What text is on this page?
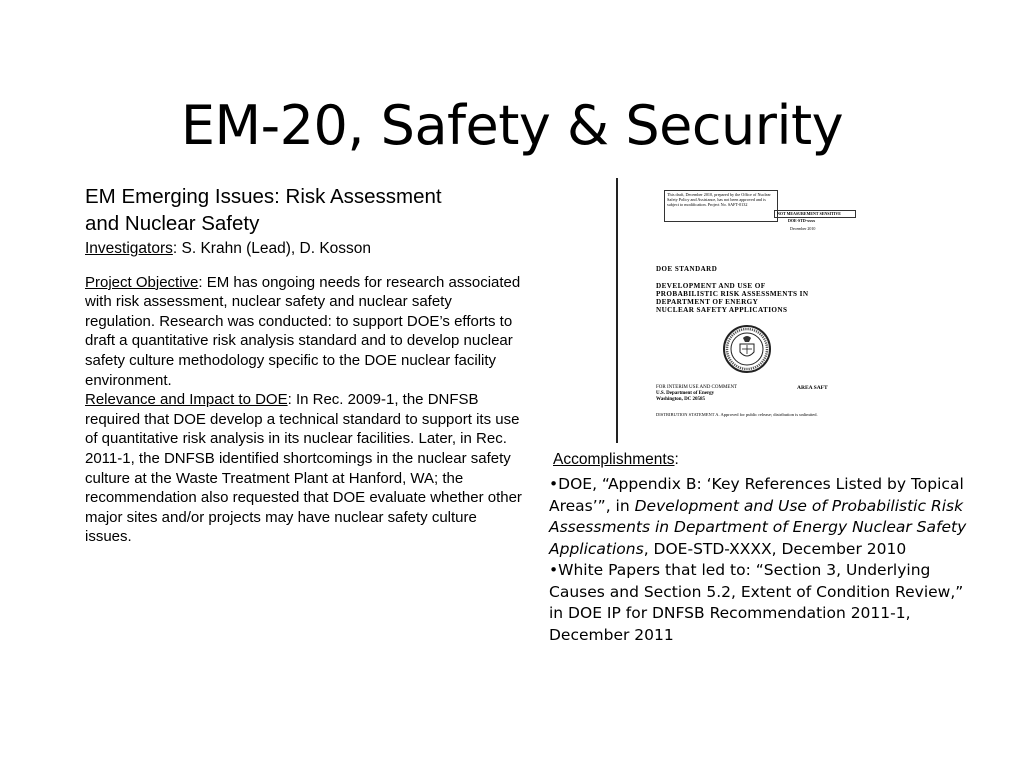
EM-20, Safety & Security
EM Emerging Issues: Risk Assessment
and Nuclear Safety

Investigators: S. Krahn (Lead), D. Kosson

Project Objective: EM has ongoing needs for research associated with risk assessment, nuclear safety and nuclear safety regulation. Research was conducted: to support DOE’s efforts to draft a quantitative risk analysis standard and to develop nuclear safety culture methodology specific to the DOE nuclear facility environment.

Relevance and Impact to DOE: In Rec. 2009-1, the DNFSB required that DOE develop a technical standard to support its use of quantitative risk analysis in its nuclear facilities. Later, in Rec. 2011-1, the DNFSB identified shortcomings in the nuclear safety culture at the Waste Treatment Plant at Hanford, WA; the recommendation also requested that DOE evaluate whether other major sites and/or projects may have nuclear safety culture issues.

This draft, December 2010, prepared by the Office of Nuclear Safety Policy and Assistance, has not been approved and is subject to modification. Project No. SAFT-0132
NOT MEASUREMENT SENSITIVE
DOE-STD-xxxx
December 2010
DOE STANDARD
DEVELOPMENT AND USE OF
PROBABILISTIC RISK ASSESSMENTS IN
DEPARTMENT OF ENERGY
NUCLEAR SAFETY APPLICATIONS
FOR INTERIM USE AND COMMENT
U.S. Department of Energy
Washington, DC 20585
AREA SAFT
DISTRIBUTION STATEMENT A. Approved for public release; distribution is unlimited.
Accomplishments:

•DOE, “Appendix B: ‘Key References Listed by Topical Areas’”, in Development and Use of Probabilistic Risk Assessments in Department of Energy Nuclear Safety Applications, DOE-STD-XXXX, December 2010

•White Papers that led to: “Section 3, Underlying Causes and Section 5.2, Extent of Condition Review,” in DOE IP for DNFSB Recommendation 2011-1, December 2011
